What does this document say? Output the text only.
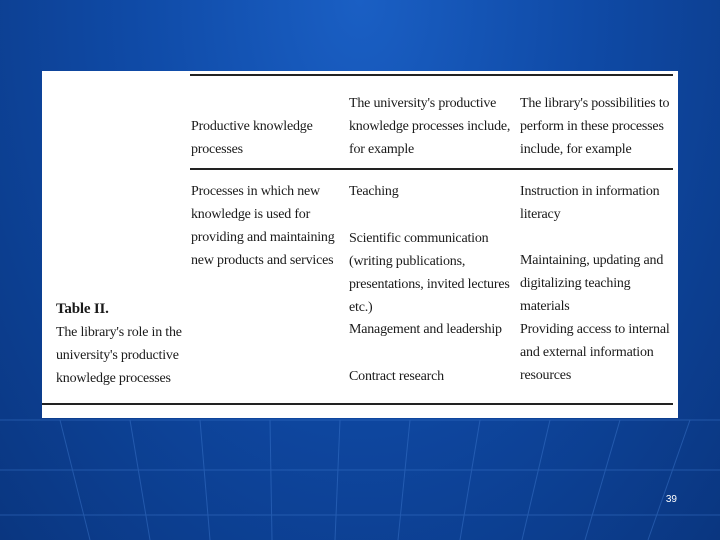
Productive knowledge processes
The university's productive knowledge processes include, for example
The library's possibilities to perform in these processes include, for example
Processes in which new knowledge is used for providing and maintaining new products and services
Teaching
Scientific communication (writing publications, presentations, invited lectures etc.)
Management and leadership
Contract research
Instruction in information literacy
Maintaining, updating and digitalizing teaching materials
Providing access to internal and external information resources
Table II.
The library's role in the university's productive knowledge processes
39
